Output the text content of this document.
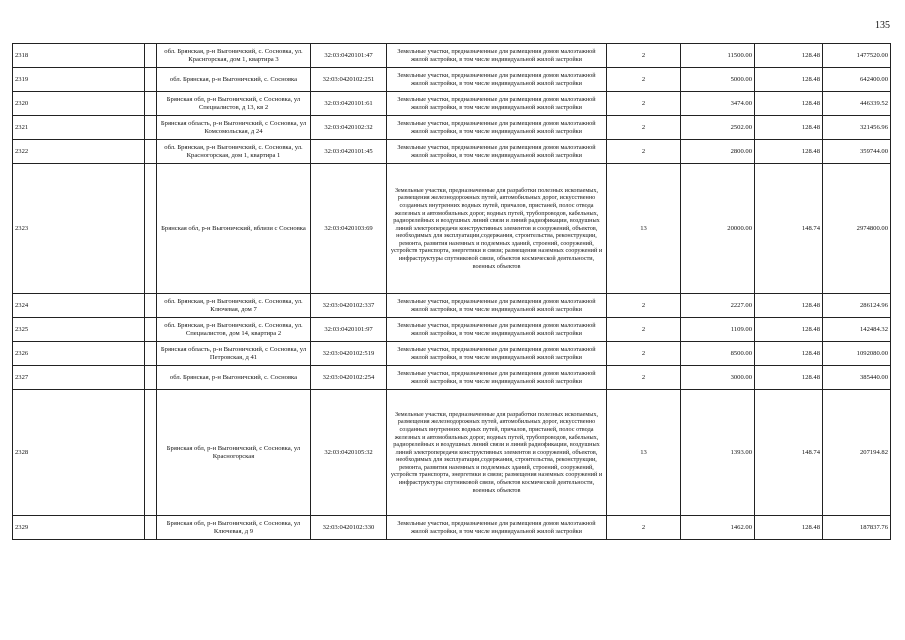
135
2318		обл. Брянская, р-н Выгоничский, с. Сосновка, ул. Краснгорская, дом 1, квартира 3	32:03:0420101:47	Земельные участки, предназначенные для размещения домов малоэтажной жилой застройки, в том числе индивидуальной жилой застройки	2	11500.00	128.48	1477520.00
2319		обл. Брянская, р-н Выгоничский, с. Сосновка	32:03:0420102:251	Земельные участки, предназначенные для размещения домов малоэтажной жилой застройки, в том числе индивидуальной жилой застройки	2	5000.00	128.48	642400.00
2320		Брянская обл, р-н Выгоничский, с Сосновка, ул Специалистов, д 13, кв 2	32:03:0420101:61	Земельные участки, предназначенные для размещения домов малоэтажной жилой застройки, в том числе индивидуальной жилой застройки	2	3474.00	128.48	446339.52
2321		Брянская область, р-н Выгоничский, с Сосновка, ул Комсомольская, д 24	32:03:0420102:32	Земельные участки, предназначенные для размещения домов малоэтажной жилой застройки, в том числе индивидуальной жилой застройки	2	2502.00	128.48	321456.96
2322		обл. Брянская, р-н Выгоничский, с. Сосновка, ул. Красногорская, дом 1, квартира 1	32:03:0420101:45	Земельные участки, предназначенные для размещения домов малоэтажной жилой застройки, в том числе индивидуальной жилой застройки	2	2800.00	128.48	359744.00
2323		Брянская обл, р-н Выгоничский, вблизи с Сосновка	32:03:0420103:69	Земельные участки, предназначенные для разработки полезных ископаемых, размещения железнодорожных путей, автомобильных дорог, искусственно созданных внутренних водных путей, причалов, пристаней, полос отвода железных и автомобильных дорог, водных путей, трубопроводов, кабельных, радиорелейных и воздушных линий связи и линий радиофикации, воздушных линий электропередачи конструктивных элементов и сооружений, объектов, необходимых для эксплуатации,содержания, строительства, реконструкции, ремонта, развития наземных и подземных зданий, строений, сооружений, устройств транспорта, энергетики и связи; размещения наземных сооружений и инфраструктуры спутниковой связи, объектов космической деятельности, военных объектов	13	20000.00	148.74	2974800.00
2324		обл. Брянская, р-н Выгоничский, с. Сосновка, ул. Ключевая, дом 7	32:03:0420102:337	Земельные участки, предназначенные для размещения домов малоэтажной жилой застройки, в том числе индивидуальной жилой застройки	2	2227.00	128.48	286124.96
2325		обл. Брянская, р-н Выгоничский, с. Сосновка, ул. Специалистов, дом 14, квартира 2	32:03:0420101:97	Земельные участки, предназначенные для размещения домов малоэтажной жилой застройки, в том числе индивидуальной жилой застройки	2	1109.00	128.48	142484.32
2326		Брянская область, р-н Выгоничский, с Сосновка, ул Петровская, д 41	32:03:0420102:519	Земельные участки, предназначенные для размещения домов малоэтажной жилой застройки, в том числе индивидуальной жилой застройки	2	8500.00	128.48	1092080.00
2327		обл. Брянская, р-н Выгоничский, с. Сосновка	32:03:0420102:254	Земельные участки, предназначенные для размещения домов малоэтажной жилой застройки, в том числе индивидуальной жилой застройки	2	3000.00	128.48	385440.00
2328		Брянская обл, р-н Выгоничский, с Сосновка, ул Красногорская	32:03:0420105:32	Земельные участки, предназначенные для разработки полезных ископаемых, размещения железнодорожных путей, автомобильных дорог, искусственно созданных внутренних водных путей, причалов, пристаней, полос отвода железных и автомобильных дорог, водных путей, трубопроводов, кабельных, радиорелейных и воздушных линий связи и линий радиофикации, воздушных линий электропередачи конструктивных элементов и сооружений, объектов, необходимых для эксплуатации,содержания, строительства, реконструкции, ремонта, развития наземных и подземных зданий, строений, сооружений, устройств транспорта, энергетики и связи; размещения наземных сооружений и инфраструктуры спутниковой связи, объектов космической деятельности, военных объектов	13	1393.00	148.74	207194.82
2329		Брянская обл, р-н Выгоничский, с Сосновка, ул Ключевая, д 9	32:03:0420102:330	Земельные участки, предназначенные для размещения домов малоэтажной жилой застройки, в том числе индивидуальной жилой застройки	2	1462.00	128.48	187837.76
